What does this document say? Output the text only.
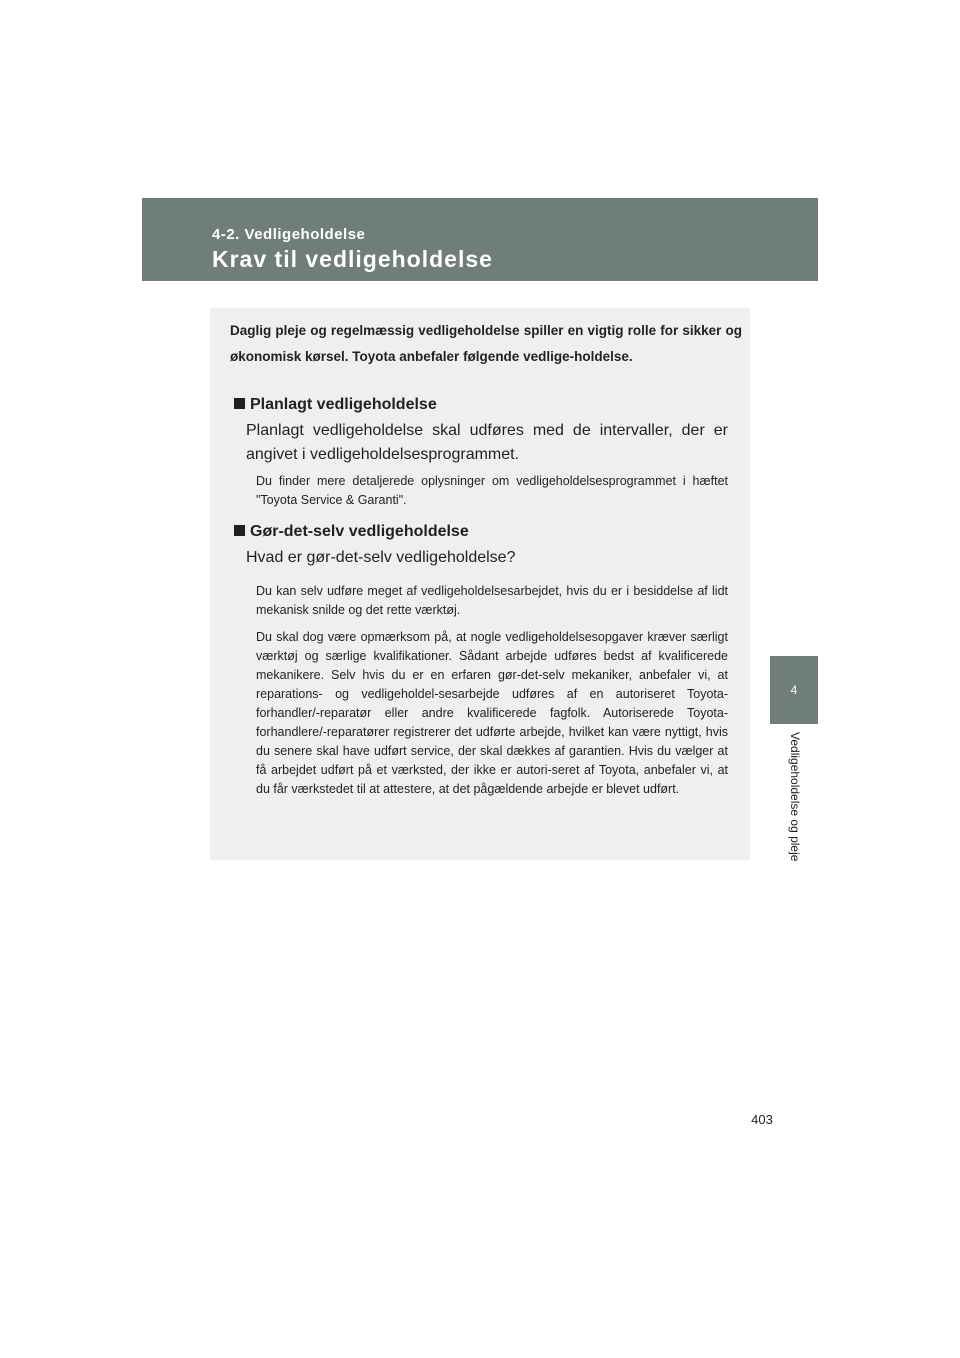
4-2. Vedligeholdelse
Krav til vedligeholdelse
4
Vedligeholdelse og pleje

Daglig pleje og regelmæssig vedligeholdelse spiller en vigtig rolle for sikker og økonomisk kørsel. Toyota anbefaler følgende vedlige-holdelse.

Planlagt vedligeholdelse

Planlagt vedligeholdelse skal udføres med de intervaller, der er angivet i vedligeholdelsesprogrammet.

Du finder mere detaljerede oplysninger om vedligeholdelsesprogrammet i hæftet "Toyota Service & Garanti".

Gør-det-selv vedligeholdelse

Hvad er gør-det-selv vedligeholdelse?

Du kan selv udføre meget af vedligeholdelsesarbejdet, hvis du er i besiddelse af lidt mekanisk snilde og det rette værktøj.

Du skal dog være opmærksom på, at nogle vedligeholdelsesopgaver kræver særligt værktøj og særlige kvalifikationer. Sådant arbejde udføres bedst af kvalificerede mekanikere. Selv hvis du er en erfaren gør-det-selv mekaniker, anbefaler vi, at reparations- og vedligeholdel-sesarbejde udføres af en autoriseret Toyota-forhandler/-reparatør eller andre kvalificerede fagfolk. Autoriserede Toyota-forhandlere/-reparatører registrerer det udførte arbejde, hvilket kan være nyttigt, hvis du senere skal have udført service, der skal dækkes af garantien. Hvis du vælger at få arbejdet udført på et værksted, der ikke er autori-seret af Toyota, anbefaler vi, at du får værkstedet til at attestere, at det pågældende arbejde er blevet udført.

403
